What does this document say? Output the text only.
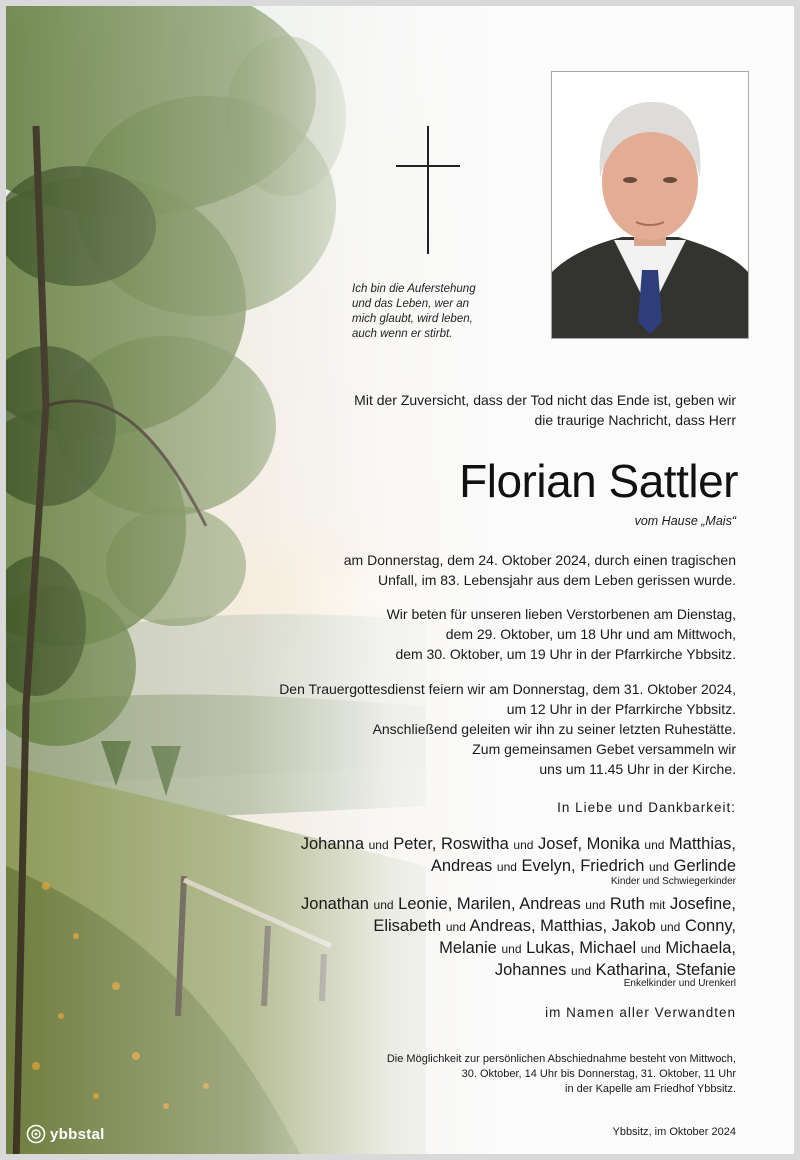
Ich bin die Auferstehung
und das Leben, wer an
mich glaubt, wird leben,
auch wenn er stirbt.
Mit der Zuversicht, dass der Tod nicht das Ende ist, geben wir
die traurige Nachricht, dass Herr
Florian Sattler
vom Hause „Mais“
am Donnerstag, dem 24. Oktober 2024, durch einen tragischen
Unfall, im 83. Lebensjahr aus dem Leben gerissen wurde.
Wir beten für unseren lieben Verstorbenen am Dienstag,
dem 29. Oktober, um 18 Uhr und am Mittwoch,
dem 30. Oktober, um 19 Uhr in der Pfarrkirche Ybbsitz.
Den Trauergottesdienst feiern wir am Donnerstag, dem 31. Oktober 2024,
um 12 Uhr in der Pfarrkirche Ybbsitz.
Anschließend geleiten wir ihn zu seiner letzten Ruhestätte.
Zum gemeinsamen Gebet versammeln wir
uns um 11.45 Uhr in der Kirche.
In Liebe und Dankbarkeit:
Johanna und Peter, Roswitha und Josef, Monika und Matthias,
Andreas und Evelyn, Friedrich und Gerlinde
Kinder und Schwiegerkinder
Jonathan und Leonie, Marilen, Andreas und Ruth mit Josefine,
Elisabeth und Andreas, Matthias, Jakob und Conny,
Melanie und Lukas, Michael und Michaela,
Johannes und Katharina, Stefanie
Enkelkinder und Urenkerl
im Namen aller Verwandten
Die Möglichkeit zur persönlichen Abschiednahme besteht von Mittwoch,
30. Oktober, 14 Uhr bis Donnerstag, 31. Oktober, 11 Uhr
in der Kapelle am Friedhof Ybbsitz.
Ybbsitz, im Oktober 2024
ybbstal
